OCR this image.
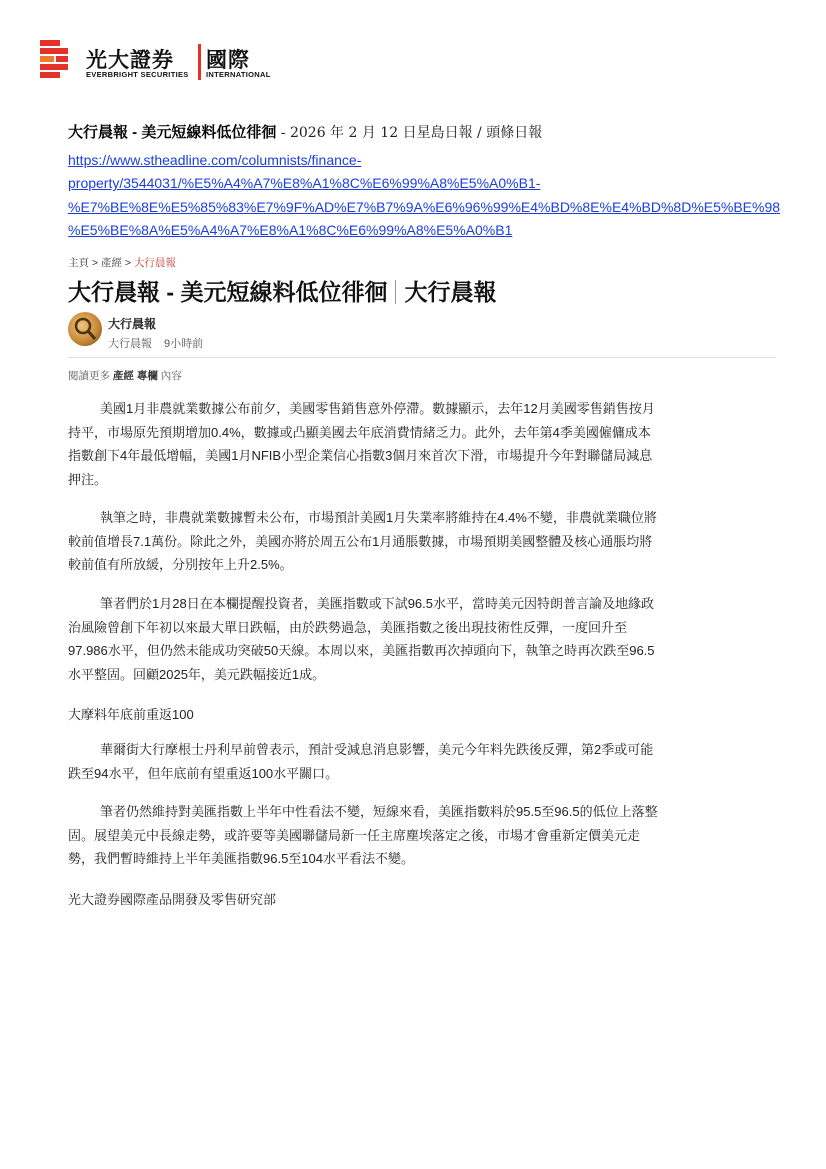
光大證券 國際
EVERBRIGHT SECURITIES INTERNATIONAL
大行晨報 - 美元短線料低位徘徊 - 2026 年 2 月 12 日星島日報 / 頭條日報
https://www.stheadline.com/columnists/finance-
property/3544031/%E5%A4%A7%E8%A1%8C%E6%99%A8%E5%A0%B1-
%E7%BE%8E%E5%85%83%E7%9F%AD%E7%B7%9A%E6%96%99%E4%BD%8E%E4%BD%8D%E5%BE%98
%E5%BE%8A%E5%A4%A7%E8%A1%8C%E6%99%A8%E5%A0%B1
主頁 > 產經 > 大行晨報
大行晨報 - 美元短線料低位徘徊 大行晨報
大行晨報
大行晨報 9小時前
閱讀更多 產經 專欄 內容
美國1月非農就業數據公布前夕，美國零售銷售意外停滯。數據顯示，去年12月美國零售銷售按月
持平，市場原先預期增加0.4%，數據或凸顯美國去年底消費情緒乏力。此外，去年第4季美國僱傭成本
指數創下4年最低增幅，美國1月NFIB小型企業信心指數3個月來首次下滑，市場提升今年對聯儲局減息
押注。
執筆之時，非農就業數據暫未公布，市場預計美國1月失業率將維持在4.4%不變，非農就業職位將
較前值增長7.1萬份。除此之外，美國亦將於周五公布1月通脹數據，市場預期美國整體及核心通脹均將
較前值有所放緩，分別按年上升2.5%。
筆者們於1月28日在本欄提醒投資者，美匯指數或下試96.5水平，當時美元因特朗普言論及地緣政
治風險曾創下年初以來最大單日跌幅，由於跌勢過急，美匯指數之後出現技術性反彈，一度回升至
97.986水平，但仍然未能成功突破50天線。本周以來，美匯指數再次掉頭向下，執筆之時再次跌至96.5
水平整固。回顧2025年，美元跌幅接近1成。
大摩料年底前重返100
華爾街大行摩根士丹利早前曾表示，預計受減息消息影響，美元今年料先跌後反彈，第2季或可能
跌至94水平，但年底前有望重返100水平關口。
筆者仍然維持對美匯指數上半年中性看法不變，短線來看，美匯指數料於95.5至96.5的低位上落整
固。展望美元中長線走勢，或許要等美國聯儲局新一任主席塵埃落定之後，市場才會重新定價美元走
勢，我們暫時維持上半年美匯指數96.5至104水平看法不變。
光大證券國際產品開發及零售研究部
